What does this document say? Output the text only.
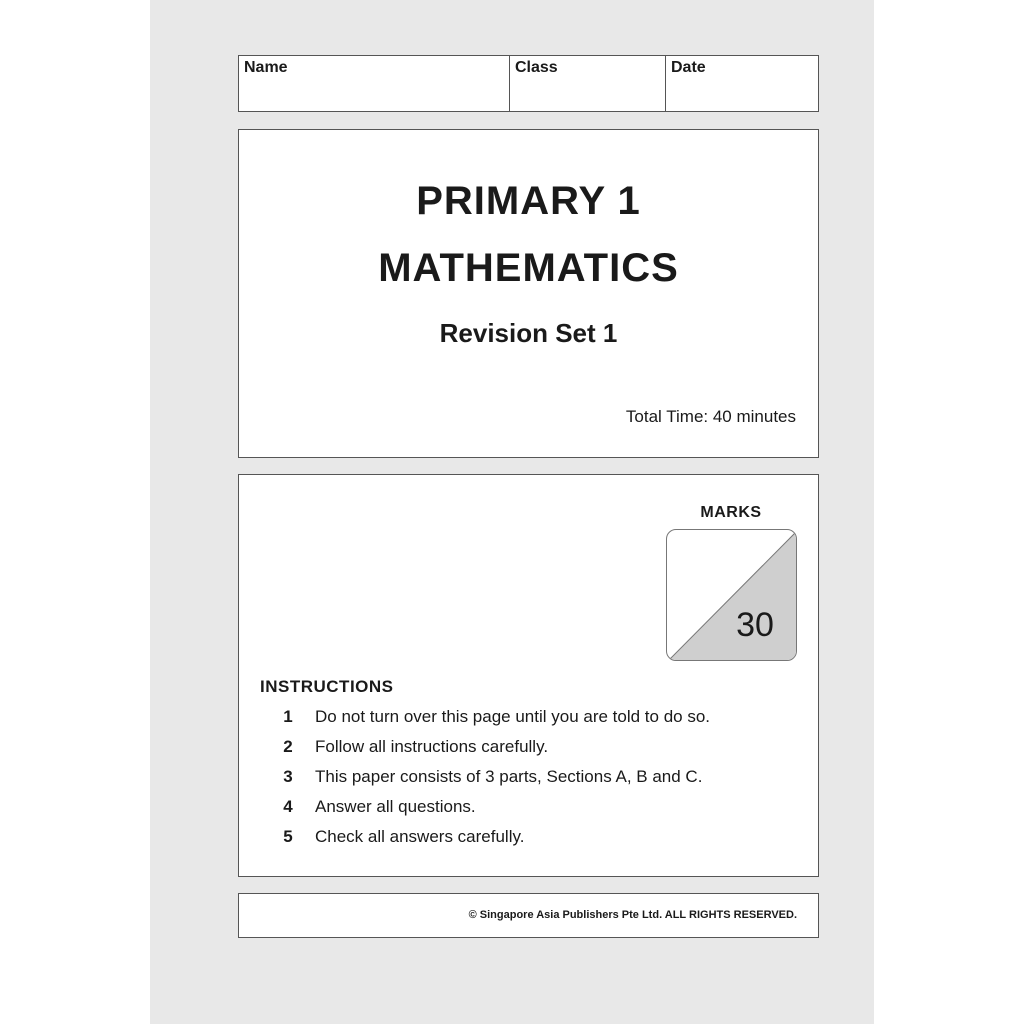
Name	Class	Date
PRIMARY 1
MATHEMATICS
Revision Set 1
Total Time: 40 minutes
MARKS
30
INSTRUCTIONS
1 Do not turn over this page until you are told to do so.
2 Follow all instructions carefully.
3 This paper consists of 3 parts, Sections A, B and C.
4 Answer all questions.
5 Check all answers carefully.
© Singapore Asia Publishers Pte Ltd. ALL RIGHTS RESERVED.
